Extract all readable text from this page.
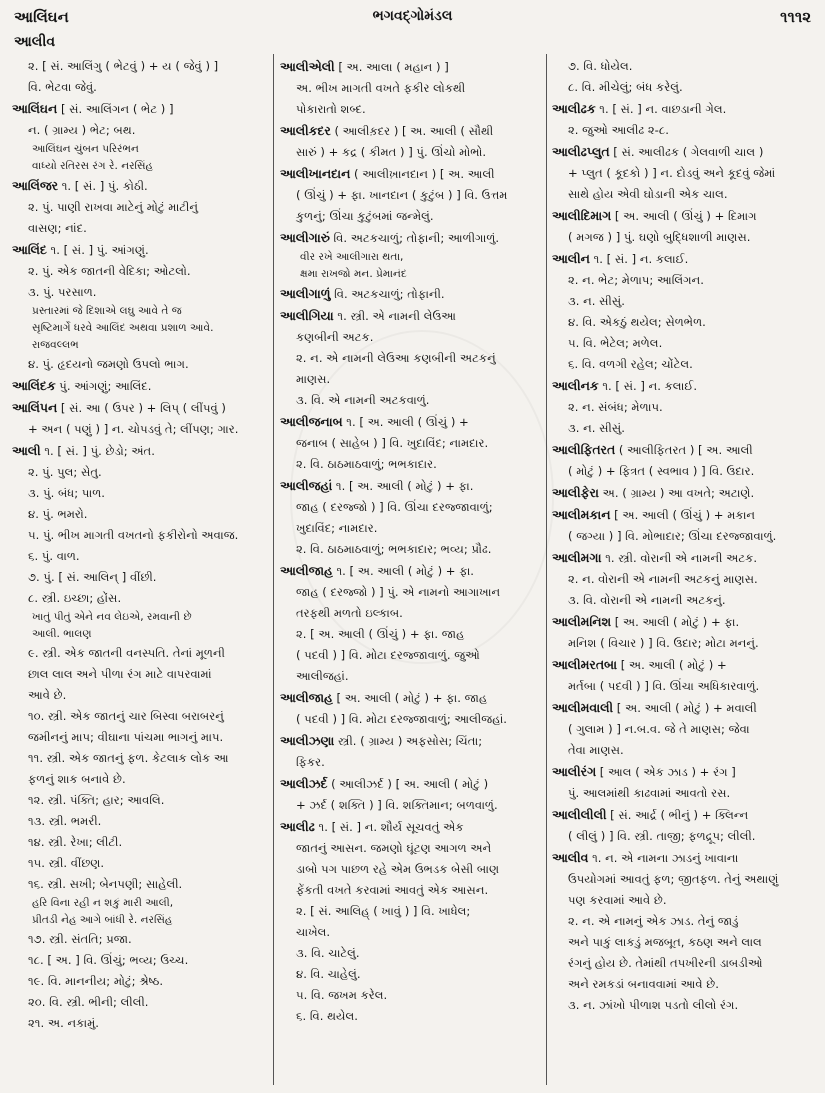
આલિંઘન	ભગવદ્ગોમંડલ	૧૧૧૨
આલીવ
૨. [ સં. આલિંગુ ( ભેટવું ) + ય ( જેવું ) ]
વિ. ભેટવા જેવું.
આલિંઘન [ સં. આલિંગન ( ભેટ ) ]
ન. ( ગ્રામ્ય ) ભેટ; બથ.
આલિંઘન ચુંબન પરિરંભન
વાધ્યો રતિરસ રંગ રે. નરસિંહ
આલિંજર ૧. [ સં. ] પું. કોઠી.
૨. પું. પાણી રાખવા માટેનું મોટું માટીનું
વાસણ; નાંદ.
આલિંદ ૧. [ સં. ] પું. આંગણું.
૨. પું. એક જાતની વેદિકા; ઓટલો.
૩. પું. પરસાળ.
પ્રસ્તારમાં જે દિશાએ લઘુ આવે તે જ
સૃષ્ટિમાર્ગે ધરવે આલિંદ અથવા પ્રશાળ આવે.
રાજવલ્લભ
૪. પું. હૃદયનો જમણો ઉપલો ભાગ.
આલિંદક પું. આંગણું; આલિંદ.
આલિંપન [ સં. આ ( ઉપર ) + લિપ્ ( લીંપવું )
+ અન ( પણું ) ] ન. ચોપડવું તે; લીંપણ; ગાર.
આલી ૧. [ સં. ] પું. છેડો; અંત.
૨. પું. પુલ; સેતુ.
૩. પું. બંધ; પાળ.
૪. પું. ભમરો.
૫. પું. ભીખ માગતી વખતનો ફકીરોનો અવાજ.
૬. પું. વાળ.
૭. પું. [ સં. આલિન્ ] વીંછી.
૮. સ્ત્રી. ઇચ્છા; હોંસ.
ખાતું પીતું એને નવ લેઇએ, રમવાની છે
આલી. ભાલણ
૯. સ્ત્રી. એક જાતની વનસ્પતિ. તેનાં મૂળની
છાલ લાલ અને પીળા રંગ માટે વાપરવામાં
આવે છે.
૧૦. સ્ત્રી. એક જાતનું ચાર બિસ્વા બરાબરનું
જમીનનું માપ; વીઘાના પાંચમા ભાગનું માપ.
૧૧. સ્ત્રી. એક જાતનું ફળ. કેટલાક લોક આ
ફળનું શાક બનાવે છે.
૧૨. સ્ત્રી. પંક્તિ; હાર; આવલિ.
૧૩. સ્ત્રી. ભમરી.
૧૪. સ્ત્રી. રેખા; લીટી.
૧૫. સ્ત્રી. વીંછણ.
૧૬. સ્ત્રી. સખી; બેનપણી; સાહેલી.
હરિ વિના રહી ન શકું મારી આલી,
પ્રીતડી નેહ આગે બાંધી રે. નરસિંહ
૧૭. સ્ત્રી. સંતતિ; પ્રજા.
૧૮. [ અ. ] વિ. ઊંચું; ભવ્ય; ઉચ્ચ.
૧૯. વિ. માનનીય; મોટું; શ્રેષ્ઠ.
૨૦. વિ. સ્ત્રી. ભીની; લીલી.
૨૧. અ. નકામું.
આલીએલી [ અ. આલા ( મહાન ) ]
અ. ભીખ માગતી વખતે ફકીર લોકથી
પોકારાતો શબ્દ.
આલીકદર ( આલીક઼દર ) [ અ. આલી ( સૌથી
સારું ) + કદ્ર ( કીમત ) ] પું. ઊંચો મોભો.
આલીખાનદાન ( આલીખ઼ાનદાન ) [ અ. આલી
( ઊંચું ) + ફા. ખાનદાન ( કુટુંબ ) ] વિ. ઉત્તમ
કુળનું; ઊંચા કુટુંબમાં જન્મેલું.
આલીગારું વિ. અટકચાળું; તોફાની; આળીગાળું.
વીર રખે આલીગારા થતા,
ક્ષમા રાખજો મન. પ્રેમાનંદ
આલીગાળું વિ. અટકચાળું; તોફાની.
આલીગિયા ૧. સ્ત્રી. એ નામની લેઉઆ
કણબીની અટક.
૨. ન. એ નામની લેઉઆ કણબીની અટકનું
માણસ.
૩. વિ. એ નામની અટકવાળું.
આલીજનાબ ૧. [ અ. આલી ( ઊંચું ) +
જનાબ ( સાહેબ ) ] વિ. ખુદાવિંદ; નામદાર.
૨. વિ. ઠાઠમાઠવાળું; ભભકાદાર.
આલીજહાં ૧. [ અ. આલી ( મોટું ) + ફા.
જાહ ( દરજ્જો ) ] વિ. ઊંચા દરજ્જાવાળું;
ખુદાવિંદ; નામદાર.
૨. વિ. ઠાઠમાઠવાળું; ભભકાદાર; ભવ્ય; પ્રૌઢ.
આલીજાહ ૧. [ અ. આલી ( મોટું ) + ફા.
જાહ ( દરજ્જો ) ] પું. એ નામનો આગાખાન
તરફથી મળતો ઇલ્કાબ.
૨. [ અ. આલી ( ઊંચું ) + ફા. જાહ
( પદવી ) ] વિ. મોટા દરજ્જાવાળું. જુઓ
આલીજહાં.
આલીજાહ [ અ. આલી ( મોટું ) + ફા. જાહ
( પદવી ) ] વિ. મોટા દરજ્જાવાળું; આલીજહાં.
આલીઝણા સ્ત્રી. ( ગ્રામ્ય ) અફસોસ; ચિંતા;
ફિકર.
આલીઝર્દ ( આલીઝર્દ ) [ અ. આલી ( મોટું )
+ ઝર્દ ( શક્તિ ) ] વિ. શક્તિમાન; બળવાળું.
આલીઢ ૧. [ સં. ] ન. શૌર્ય સૂચવતું એક
જાતનું આસન. જમણો ઘૂંટણ આગળ અને
ડાબો પગ પાછળ રહે એમ ઉભડક બેસી બાણ
ફેંકતી વખતે કરવામાં આવતું એક આસન.
૨. [ સં. આલિહ્ ( ખાવું ) ] વિ. ખાધેલ;
ચાખેલ.
૩. વિ. ચાટેલું.
૪. વિ. ચાહેલું.
૫. વિ. જખમ કરેલ.
૬. વિ. થયેલ.
૭. વિ. ધોયેલ.
૮. વિ. મીચેલું; બંધ કરેલું.
આલીઢક ૧. [ સં. ] ન. વાછડાની ગેલ.
૨. જુઓ આલીઢ ૨-૮.
આલીઢપ્લુત [ સં. આલીઢક ( ગેલવાળી ચાલ )
+ પ્લુત ( કૂદકો ) ] ન. દોડવું અને કૂદવું જેમાં
સાથે હોય એવી ઘોડાની એક ચાલ.
આલીદિમાગ [ અ. આલી ( ઊંચું ) + દિમાગ
( મગજ ) ] પું. ઘણો બુદ્ધિશાળી માણસ.
આલીન ૧. [ સં. ] ન. કલાઈ.
૨. ન. ભેટ; મેળાપ; આલિંગન.
૩. ન. સીસું.
૪. વિ. એકઠું થયેલ; સેળભેળ.
૫. વિ. ભેટેલ; મળેલ.
૬. વિ. વળગી રહેલ; ચોંટેલ.
આલીનક ૧. [ સં. ] ન. કલાઈ.
૨. ન. સંબંધ; મેળાપ.
૩. ન. સીસું.
આલીફિતરત ( આલીફિતરત ) [ અ. આલી
( મોટું ) + ફિત્રત ( સ્વભાવ ) ] વિ. ઉદાર.
આલીફેરા અ. ( ગ્રામ્ય ) આ વખતે; અટાણે.
આલીમકાન [ અ. આલી ( ઊંચું ) + મકાન
( જગ્યા ) ] વિ. મોભાદાર; ઊંચા દરજ્જાવાળું.
આલીમગા ૧. સ્ત્રી. વોરાની એ નામની અટક.
૨. ન. વોરાની એ નામની અટકનું માણસ.
૩. વિ. વોરાની એ નામની અટકનું.
આલીમનિશ [ અ. આલી ( મોટું ) + ફા.
મનિશ ( વિચાર ) ] વિ. ઉદાર; મોટા મનનું.
આલીમરતબા [ અ. આલી ( મોટું ) +
મર્તબા ( પદવી ) ] વિ. ઊંચા અધિકારવાળું.
આલીમવાલી [ અ. આલી ( મોટું ) + મવાલી
( ગુલામ ) ] ન.બ.વ. જે તે માણસ; જેવા
તેવા માણસ.
આલીરંગ [ આલ ( એક ઝાડ ) + રંગ ]
પું. આલમાંથી કાઢવામાં આવતો રસ.
આલીલીલી [ સં. આર્દ્ર ( ભીનું ) + ક્લિન્ન
( લીલું ) ] વિ. સ્ત્રી. તાજી; ફળદ્રૂપ; લીલી.
આલીવ ૧. ન. એ નામના ઝાડનું ખાવાના
ઉપયોગમાં આવતું ફળ; જીતફળ. તેનું અથાણું
પણ કરવામાં આવે છે.
૨. ન. એ નામનું એક ઝાડ. તેનું જાડું
અને પાકું લાકડું મજબૂત, કઠણ અને લાલ
રંગનું હોય છે. તેમાંથી તપખીરની ડાબડીઓ
અને રમકડાં બનાવવામાં આવે છે.
૩. ન. ઝાંખો પીળાશ પડતો લીલો રંગ.
